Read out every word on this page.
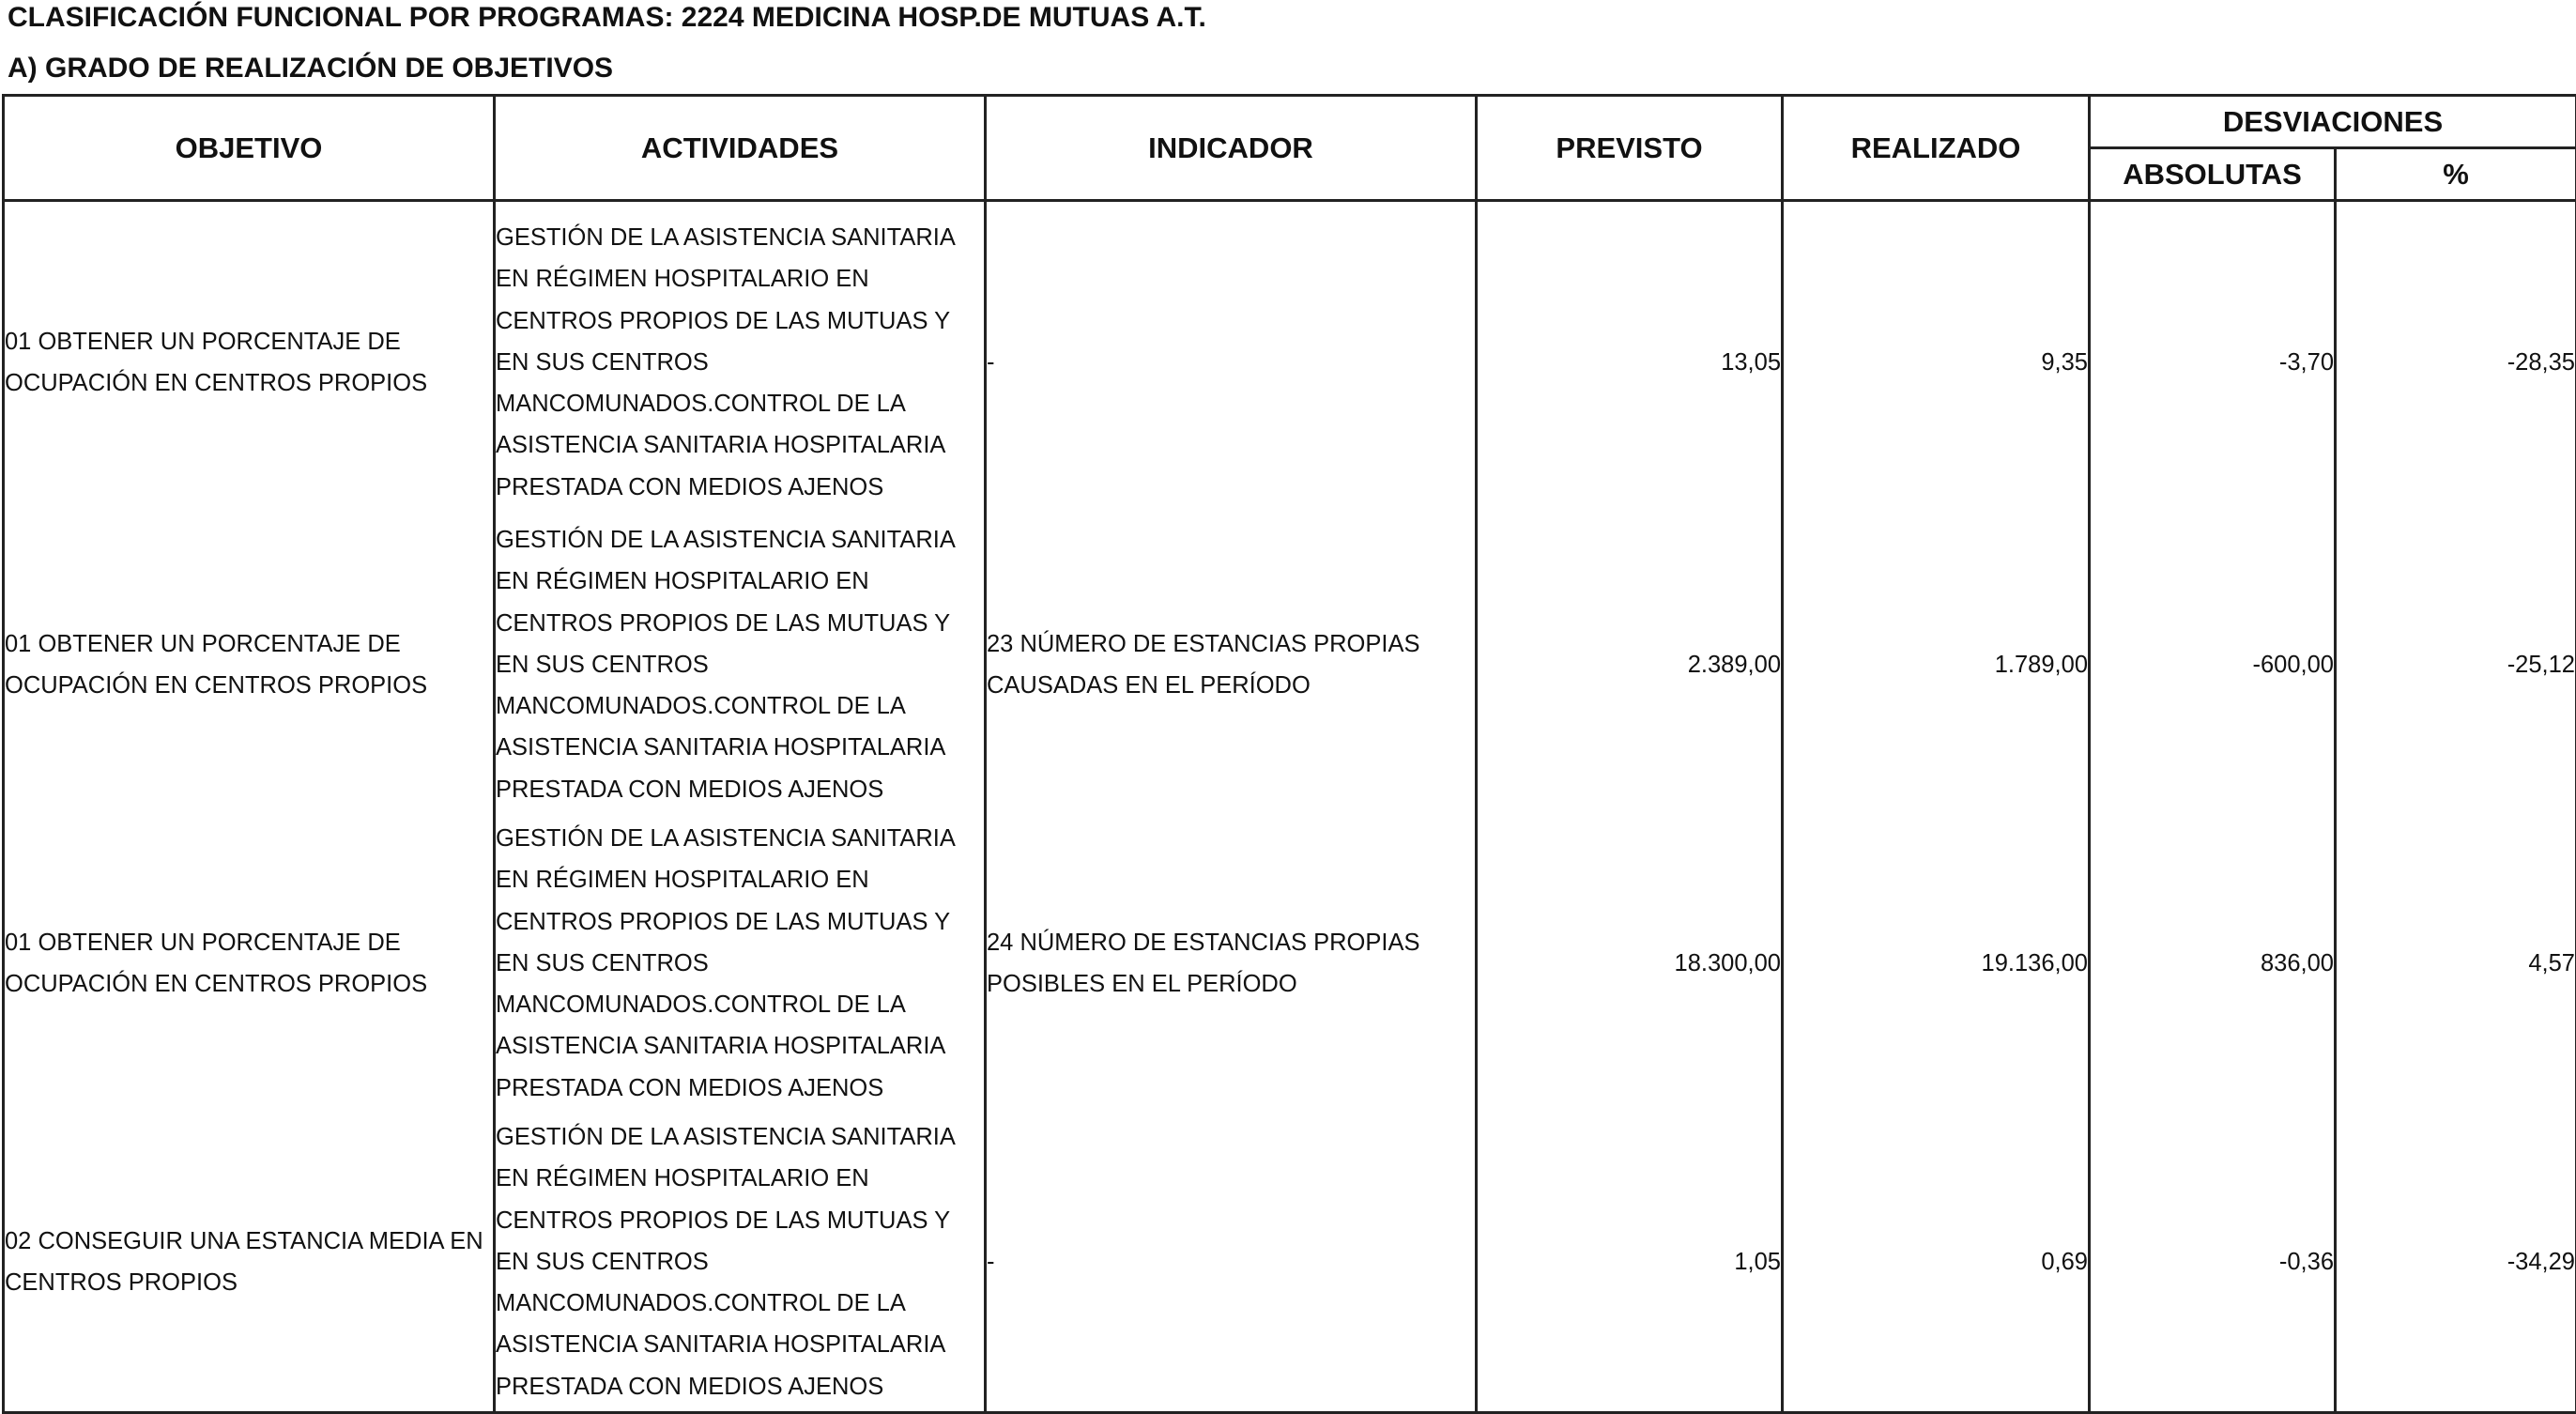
CLASIFICACIÓN FUNCIONAL POR PROGRAMAS: 2224 MEDICINA HOSP.DE MUTUAS A.T.
A) GRADO DE REALIZACIÓN DE OBJETIVOS
OBJETIVO	ACTIVIDADES	INDICADOR	PREVISTO	REALIZADO	DESVIACIONES	
					ABSOLUTAS	%
01 OBTENER UN PORCENTAJE DE OCUPACIÓN EN CENTROS PROPIOS	GESTIÓN DE LA ASISTENCIA SANITARIA EN RÉGIMEN HOSPITALARIO EN CENTROS PROPIOS DE LAS MUTUAS Y EN SUS CENTROS MANCOMUNADOS.CONTROL DE LA ASISTENCIA SANITARIA HOSPITALARIA PRESTADA CON MEDIOS AJENOS	-	13,05	9,35	-3,70	-28,35
01 OBTENER UN PORCENTAJE DE OCUPACIÓN EN CENTROS PROPIOS	GESTIÓN DE LA ASISTENCIA SANITARIA EN RÉGIMEN HOSPITALARIO EN CENTROS PROPIOS DE LAS MUTUAS Y EN SUS CENTROS MANCOMUNADOS.CONTROL DE LA ASISTENCIA SANITARIA HOSPITALARIA PRESTADA CON MEDIOS AJENOS	23 NÚMERO DE ESTANCIAS PROPIAS CAUSADAS EN EL PERÍODO	2.389,00	1.789,00	-600,00	-25,12
01 OBTENER UN PORCENTAJE DE OCUPACIÓN EN CENTROS PROPIOS	GESTIÓN DE LA ASISTENCIA SANITARIA EN RÉGIMEN HOSPITALARIO EN CENTROS PROPIOS DE LAS MUTUAS Y EN SUS CENTROS MANCOMUNADOS.CONTROL DE LA ASISTENCIA SANITARIA HOSPITALARIA PRESTADA CON MEDIOS AJENOS	24 NÚMERO DE ESTANCIAS PROPIAS POSIBLES EN EL PERÍODO	18.300,00	19.136,00	836,00	4,57
02 CONSEGUIR UNA ESTANCIA MEDIA EN CENTROS PROPIOS	GESTIÓN DE LA ASISTENCIA SANITARIA EN RÉGIMEN HOSPITALARIO EN CENTROS PROPIOS DE LAS MUTUAS Y EN SUS CENTROS MANCOMUNADOS.CONTROL DE LA ASISTENCIA SANITARIA HOSPITALARIA PRESTADA CON MEDIOS AJENOS	-	1,05	0,69	-0,36	-34,29
